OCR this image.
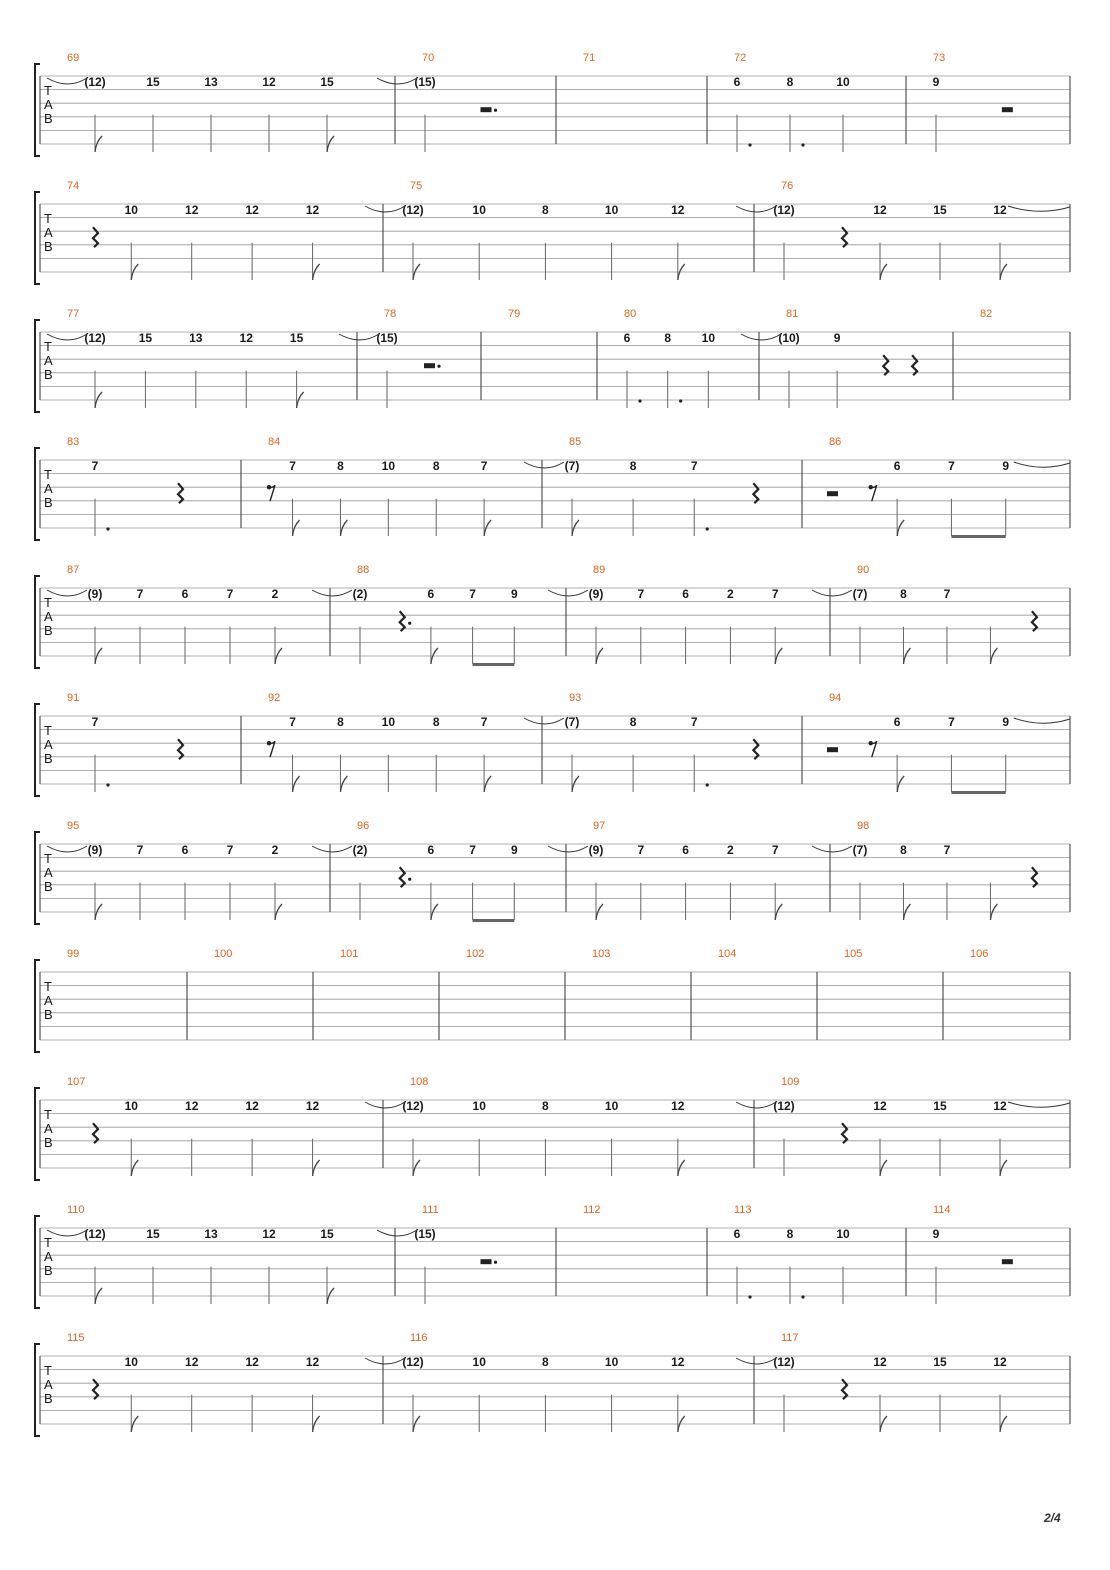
T
A
B
69
(12)	15	13	12	15
70
(15)
71	72
6	8	10
73
9
T
A
B
74
10	12	12	12
75
(12)	10	8	10	12
76
(12)	12	15	12
T
A
B
77
(12)	15	13	12	15
78
(15)
79	80
6	8	10
81
(10)	9
82
T
A
B
83
7
84
7	8	10	8	7
85
(7)	8	7
86
6	7	9
T
A
B
87
(9)	7	6	7	2
88
(2)	6	7	9
89
(9)	7	6	2	7
90
(7)	8	7
T
A
B
91
7
92
7	8	10	8	7
93
(7)	8	7
94
6	7	9
T
A
B
95
(9)	7	6	7	2
96
(2)	6	7	9
97
(9)	7	6	2	7
98
(7)	8	7
T
A
B
99	100	101	102	103	104	105	106
T
A
B
107
10	12	12	12
108
(12)	10	8	10	12
109
(12)	12	15	12
T
A
B
110
(12)	15	13	12	15
111
(15)
112	113
6	8	10
114
9
T
A
B
115
10	12	12	12
116
(12)	10	8	10	12
117
(12)	12	15	12
2/4
